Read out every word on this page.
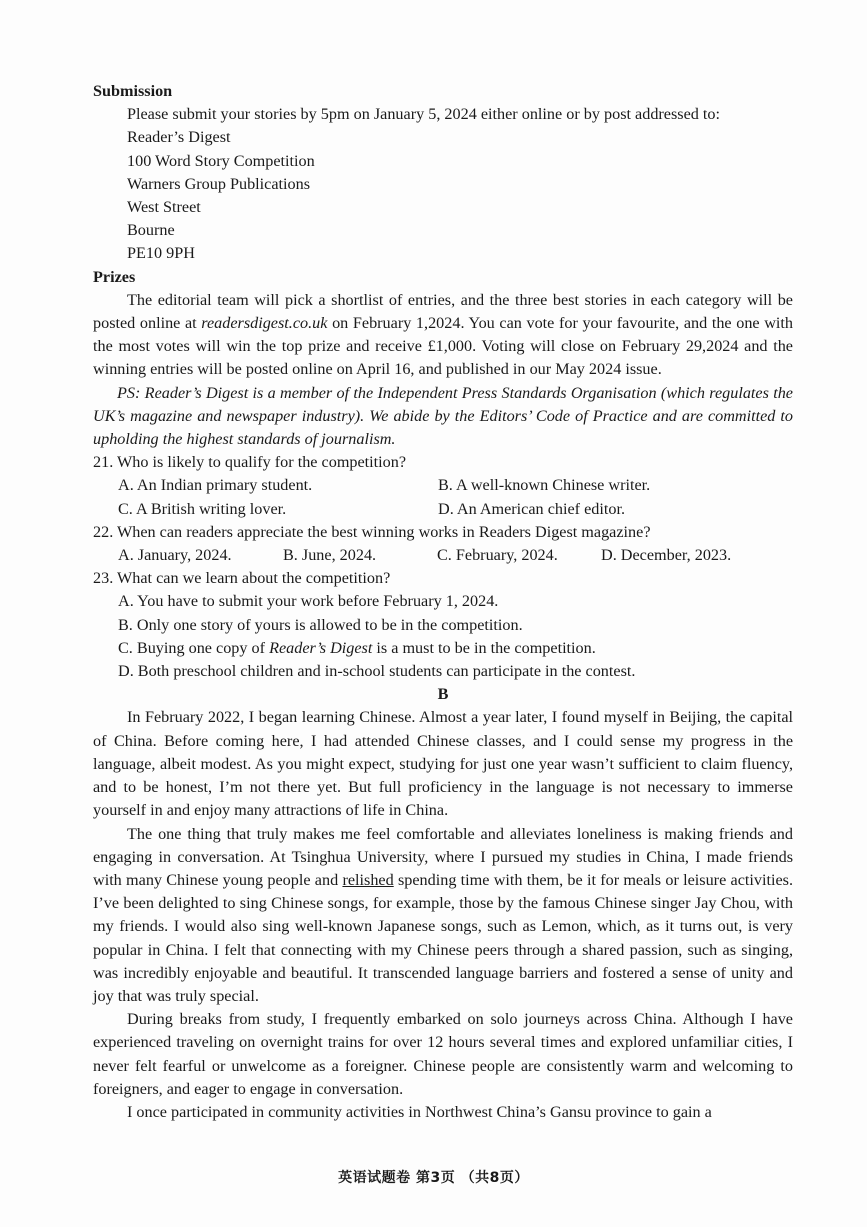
Submission

Please submit your stories by 5pm on January 5, 2024 either online or by post addressed to:

Reader’s Digest

100 Word Story Competition

Warners Group Publications

West Street

Bourne

PE10 9PH

Prizes

The editorial team will pick a shortlist of entries, and the three best stories in each category will be posted online at readersdigest.co.uk on February 1,2024. You can vote for your favourite, and the one with the most votes will win the top prize and receive £1,000. Voting will close on February 29,2024 and the winning entries will be posted online on April 16, and published in our May 2024 issue.

PS: Reader’s Digest is a member of the Independent Press Standards Organisation (which regulates the UK’s magazine and newspaper industry). We abide by the Editors’ Code of Practice and are committed to upholding the highest standards of journalism.

21. Who is likely to qualify for the competition?

A. An Indian primary student.	B. A well-known Chinese writer.
C. A British writing lover.	D. An American chief editor.

22. When can readers appreciate the best winning works in Readers Digest magazine?

A. January, 2024.	B. June, 2024.	C. February, 2024.	D. December, 2023.

23. What can we learn about the competition?

A. You have to submit your work before February 1, 2024.

B. Only one story of yours is allowed to be in the competition.

C. Buying one copy of Reader’s Digest is a must to be in the competition.

D. Both preschool children and in-school students can participate in the contest.

B

In February 2022, I began learning Chinese. Almost a year later, I found myself in Beijing, the capital of China. Before coming here, I had attended Chinese classes, and I could sense my progress in the language, albeit modest. As you might expect, studying for just one year wasn’t sufficient to claim fluency, and to be honest, I’m not there yet. But full proficiency in the language is not necessary to immerse yourself in and enjoy many attractions of life in China.

The one thing that truly makes me feel comfortable and alleviates loneliness is making friends and engaging in conversation. At Tsinghua University, where I pursued my studies in China, I made friends with many Chinese young people and relished spending time with them, be it for meals or leisure activities. I’ve been delighted to sing Chinese songs, for example, those by the famous Chinese singer Jay Chou, with my friends. I would also sing well-known Japanese songs, such as Lemon, which, as it turns out, is very popular in China. I felt that connecting with my Chinese peers through a shared passion, such as singing, was incredibly enjoyable and beautiful. It transcended language barriers and fostered a sense of unity and joy that was truly special.

During breaks from study, I frequently embarked on solo journeys across China. Although I have experienced traveling on overnight trains for over 12 hours several times and explored unfamiliar cities, I never felt fearful or unwelcome as a foreigner. Chinese people are consistently warm and welcoming to foreigners, and eager to engage in conversation.

I once participated in community activities in Northwest China’s Gansu province to gain a

英语试题卷 第3页 （共8页）
